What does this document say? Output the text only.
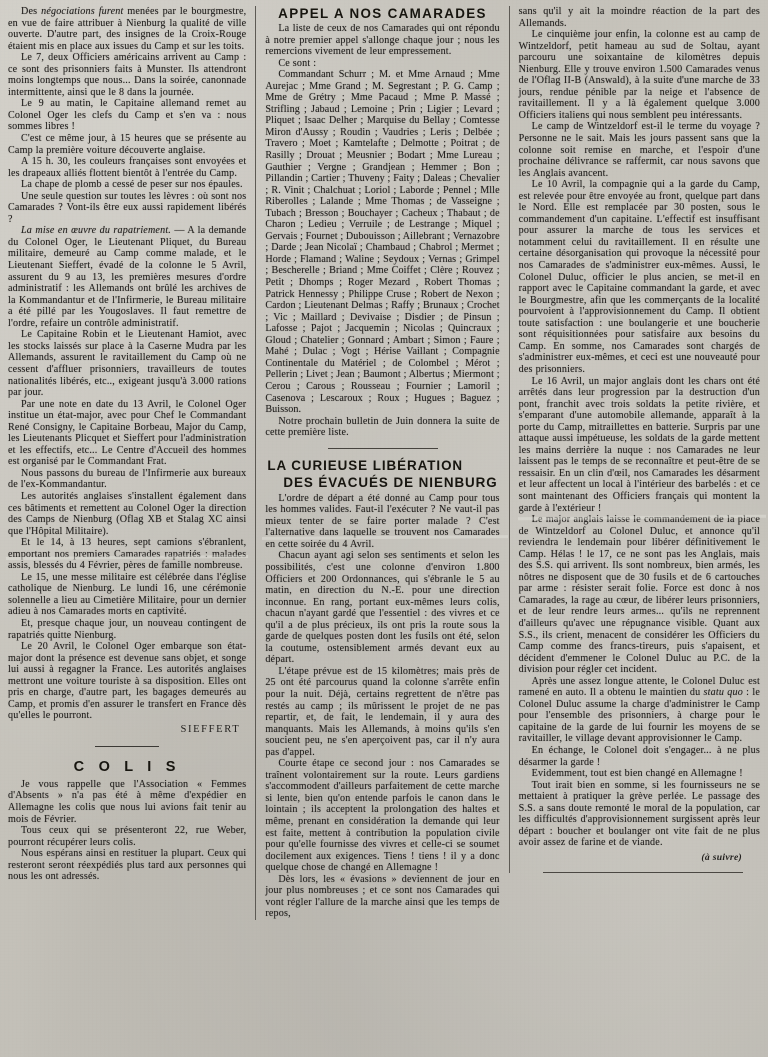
Des négociations furent menées par le bourgmestre, en vue de faire attribuer à Nienburg la qualité de ville ouverte. D'autre part, des insignes de la Croix-Rouge étaient mis en place aux issues du Camp et sur les toits.

Le 7, deux Officiers américains arrivent au Camp : ce sont des prisonniers faits à Munster. Ils attendront moins longtemps que nous... Dans la soirée, canonnade intermittente, ainsi que le 8 dans la journée.

Le 9 au matin, le Capitaine allemand remet au Colonel Oger les clefs du Camp et s'en va : nous sommes libres !

C'est ce même jour, à 15 heures que se présente au Camp la première voiture découverte anglaise.

A 15 h. 30, les couleurs françaises sont envoyées et les drapeaux alliés flottent bientôt à l'entrée du Camp.

La chape de plomb a cessé de peser sur nos épaules.

Une seule question sur toutes les lèvres : où sont nos Camarades ? Vont-ils être eux aussi rapidement libérés ?

La mise en œuvre du rapatriement. — A la demande du Colonel Oger, le Lieutenant Pliquet, du Bureau militaire, demeuré au Camp comme malade, et le Lieutenant Sieffert, évadé de la colonne le 5 Avril, assurent du 9 au 13, les premières mesures d'ordre administratif : les Allemands ont brûlé les archives de la Kommandantur et de l'Infirmerie, le Bureau militaire a été pillé par les Yougoslaves. Il faut remettre de l'ordre, refaire un contrôle administratif.

Le Capitaine Robin et le Lieutenant Hamiot, avec les stocks laissés sur place à la Caserne Mudra par les Allemands, assurent le ravitaillement du Camp où ne cessent d'affluer prisonniers, travailleurs de toutes nationalités libérés, etc.., exigeant jusqu'à 3.000 rations par jour.

Par une note en date du 13 Avril, le Colonel Oger institue un état-major, avec pour Chef le Commandant René Consigny, le Capitaine Borbeau, Major du Camp, les Lieutenants Plicquet et Sieffert pour l'administration et les effectifs, etc... Le Centre d'Accueil des hommes est organisé par le Commandant Frat.

Nous passons du bureau de l'Infirmerie aux bureaux de l'ex-Kommandantur.

Les autorités anglaises s'installent également dans ces bâtiments et remettent au Colonel Oger la direction des Camps de Nienburg (Oflag XB et Stalag XC ainsi que l'Hôpital Militaire).

Et le 14, à 13 heures, sept camions s'ébranlent, emportant nos premiers Camarades rapatriés : malades assis, blessés du 4 Février, pères de famille nombreuse.

Le 15, une messe militaire est célébrée dans l'église catholique de Nienburg. Le lundi 16, une cérémonie solennelle a lieu au Cimetière Militaire, pour un dernier adieu à nos Camarades morts en captivité.

Et, presque chaque jour, un nouveau contingent de rapatriés quitte Nienburg.

Le 20 Avril, le Colonel Oger embarque son état-major dont la présence est devenue sans objet, et songe lui aussi à regagner la France. Les autorités anglaises mettront une voiture touriste à sa disposition. Elles ont pris en charge, d'autre part, les bagages demeurés au Camp, et promis d'en assurer le transfert en France dès qu'elles le pourront.

SIEFFERT

C O L I S

Je vous rappelle que l'Association « Femmes d'Absents » n'a pas été à même d'expédier en Allemagne les colis que nous lui avions fait tenir au mois de Février.

Tous ceux qui se présenteront 22, rue Weber, pourront récupérer leurs colis.

Nous espérans ainsi en restituer la plupart. Ceux qui resteront seront réexpédiés plus tard aux personnes qui nous les ont adressés.

APPEL A NOS CAMARADES

La liste de ceux de nos Camarades qui ont répondu à notre premier appel s'allonge chaque jour ; nous les remercions vivement de leur empressement.

Ce sont :

Commandant Schurr ; M. et Mme Arnaud ; Mme Aurejac ; Mme Grand ; M. Segrestant ; P. G. Camp ; Mme de Grétry ; Mme Pacaud ; Mme P. Massé ; Strifling ; Jabaud ; Lemoine ; Prin ; Ligier ; Levard ; Pliquet ; Isaac Delher ; Marquise du Bellay ; Comtesse Miron d'Aussy ; Roudin ; Vaudries ; Leris ; Delbée ; Travero ; Moet ; Kamtelafte ; Delmotte ; Poitrat ; de Rasilly ; Drouat ; Meusnier ; Bodart ; Mme Lureau ; Gauthier ; Vergne ; Grandjean ; Hemmer ; Bon ; Pillandin ; Cartier ; Thuveny ; Faity ; Daleas ; Chevalier ; R. Vinit ; Chalchuat ; Loriol ; Laborde ; Pennel ; Mlle Riberolles ; Lalande ; Mme Thomas ; de Vasseigne ; Tubach ; Bresson ; Bouchayer ; Cacheux ; Thabaut ; de Charon ; Ledieu ; Verruile ; de Lestrange ; Miquel ; Gervais ; Fournet ; Dubouisson ; Aillebrant ; Vernazobre ; Darde ; Jean Nicolaï ; Chambaud ; Chabrol ; Mermet ; Horde ; Flamand ; Waline ; Seydoux ; Vernas ; Grimpel ; Bescherelle ; Briand ; Mme Coiffet ; Clère ; Rouvez ; Petit ; Dhomps ; Roger Mezard , Robert Thomas ; Patrick Hennessy ; Philippe Cruse ; Robert de Nexon ; Cardon ; Lieutenant Delmas ; Raffy ; Brunaux ; Crochet ; Vic ; Maillard ; Devivaise ; Disdier ; de Pinsun ; Lafosse ; Pajot ; Jacquemin ; Nicolas ; Quincraux ; Gloud ; Chatelier ; Gonnard ; Ambart ; Simon ; Faure ; Mahé ; Dulac ; Vogt ; Hérise Vaillant ; Compagnie Continentale du Matériel ; de Colombel ; Mérot ; Pellerin ; Livet ; Jean ; Baumont ; Albertus ; Miermont ; Cerou ; Carous ; Rousseau ; Fournier ; Lamoril ; Casenova ; Lescaroux ; Roux ; Hugues ; Baguez ; Buisson.

Notre prochain bulletin de Juin donnera la suite de cette première liste.

LA CURIEUSE LIBÉRATION
DES ÉVACUÉS DE NIENBURG

L'ordre de départ a été donné au Camp pour tous les hommes valides. Faut-il l'exécuter ? Ne vaut-il pas mieux tenter de se faire porter malade ? C'est l'alternative dans laquelle se trouvent nos Camarades en cette soirée du 4 Avril.

Chacun ayant agi selon ses sentiments et selon les possibilités, c'est une colonne d'environ 1.800 Officiers et 200 Ordonnances, qui s'ébranle le 5 au matin, en direction du N.-E. pour une direction inconnue. En rang, portant eux-mêmes leurs colis, chacun n'ayant gardé que l'essentiel : des vivres et ce qu'il a de plus précieux, ils ont pris la route sous la garde de quelques posten dont les fusils ont été, selon la coutume, ostensiblement armés devant eux au départ.

L'étape prévue est de 15 kilomètres; mais près de 25 ont été parcourus quand la colonne s'arrête enfin pour la nuit. Déjà, certains regrettent de n'être pas restés au camp ; ils mûrissent le projet de ne pas repartir, et, de fait, le lendemain, il y aura des manquants. Mais les Allemands, à moins qu'ils s'en soucient peu, ne s'en aperçoivent pas, car il n'y aura pas d'appel.

Courte étape ce second jour : nos Camarades se traînent volontairement sur la route. Leurs gardiens s'accommodent d'ailleurs parfaitement de cette marche si lente, bien qu'on entende parfois le canon dans le lointain ; ils acceptent la prolongation des haltes et même, prenant en considération la demande qui leur est faite, mettent à contribution la population civile pour qu'elle fournisse des vivres et celle-ci se soumet docilement aux exigences. Tiens ! tiens ! il y a donc quelque chose de changé en Allemagne !

Dès lors, les « évasions » deviennent de jour en jour plus nombreuses ; et ce sont nos Camarades qui vont régler l'allure de la marche ainsi que les temps de repos,

sans qu'il y ait la moindre réaction de la part des Allemands.

Le cinquième jour enfin, la colonne est au camp de Wintzeldorf, petit hameau au sud de Soltau, ayant parcouru une soixantaine de kilomètres depuis Nienburg. Elle y trouve environ 1.500 Camarades venus de l'Oflag II-B (Answald), à la suite d'une marche de 33 jours, rendue pénible par la neige et l'absence de ravitaillement. Il y a là également quelque 3.000 Officiers italiens qui nous semblent peu intéressants.

Le camp de Wintzeldorf est-il le terme du voyage ? Personne ne le sait. Mais les jours passent sans que la colonne soit remise en marche, et l'espoir d'une prochaine délivrance se raffermit, car nous savons que les Anglais avancent.

Le 10 Avril, la compagnie qui a la garde du Camp, est relevée pour être envoyée au front, quelque part dans le Nord. Elle est remplacée par 30 posten, sous le commandement d'un capitaine. L'effectif est insuffisant pour assurer la marche de tous les services et notamment celui du ravitaillement. Il en résulte une certaine désorganisation qui provoque la nécessité pour nos Camarades de s'administrer eux-mêmes. Aussi, le Colonel Duluc, officier le plus ancien, se met-il en rapport avec le Capitaine commandant la garde, et avec le Bourgmestre, afin que les commerçants de la localité pourvoient à l'approvisionnement du Camp. Il obtient toute satisfaction : une boulangerie et une boucherie sont réquisitionnées pour satisfaire aux besoins du Camp. En somme, nos Camarades sont chargés de s'administrer eux-mêmes, et ceci est une nouveauté pour des prisonniers.

Le 16 Avril, un major anglais dont les chars ont été arrêtés dans leur progression par la destruction d'un pont, franchit avec trois soldats la petite rivière, et s'emparant d'une automobile allemande, apparaît à la porte du Camp, mitraillettes en batterie. Surpris par une attaque aussi impétueuse, les soldats de la garde mettent les mains derrière la nuque : nos Camarades ne leur laissent pas le temps de se reconnaître et peut-être de se ressaisir. En un clin d'œil, nos Camarades les désarment et leur affectent un local à l'intérieur des barbelés : et ce sont maintenant des Officiers français qui montent la garde à l'extérieur !

Le major anglais laisse le commandement de la place de Wintzeldorf au Colonel Duluc, et annonce qu'il reviendra le lendemain pour libérer définitivement le Camp. Hélas ! le 17, ce ne sont pas les Anglais, mais des S.S. qui arrivent. Ils sont nombreux, bien armés, les nôtres ne disposent que de 30 fusils et de 6 cartouches par arme : résister serait folie. Force est donc à nos Camarades, la rage au cœur, de libérer leurs prisonniers, et de leur rendre leurs armes... qu'ils ne reprennent d'ailleurs qu'avec une répugnance visible. Quant aux S.S., ils crient, menacent de considérer les Officiers du Camp comme des francs-tireurs, puis s'apaisent, et décident d'emmener le Colonel Duluc au P.C. de la division pour régler cet incident.

Après une assez longue attente, le Colonel Duluc est ramené en auto. Il a obtenu le maintien du statu quo : le Colonel Duluc assume la charge d'administrer le Camp pour l'ensemble des prisonniers, à charge pour le capitaine de la garde de lui fournir les moyens de se ravitailler, le village devant approvisionner le Camp.

En échange, le Colonel doit s'engager... à ne plus désarmer la garde !

Evidemment, tout est bien changé en Allemagne !

Tout irait bien en somme, si les fournisseurs ne se mettaient à pratiquer la grève perlée. Le passage des S.S. a sans doute remonté le moral de la population, car les difficultés d'approvisionnement surgissent après leur départ : boucher et boulanger ont vite fait de ne plus avoir assez de farine et de viande.

(à suivre)
